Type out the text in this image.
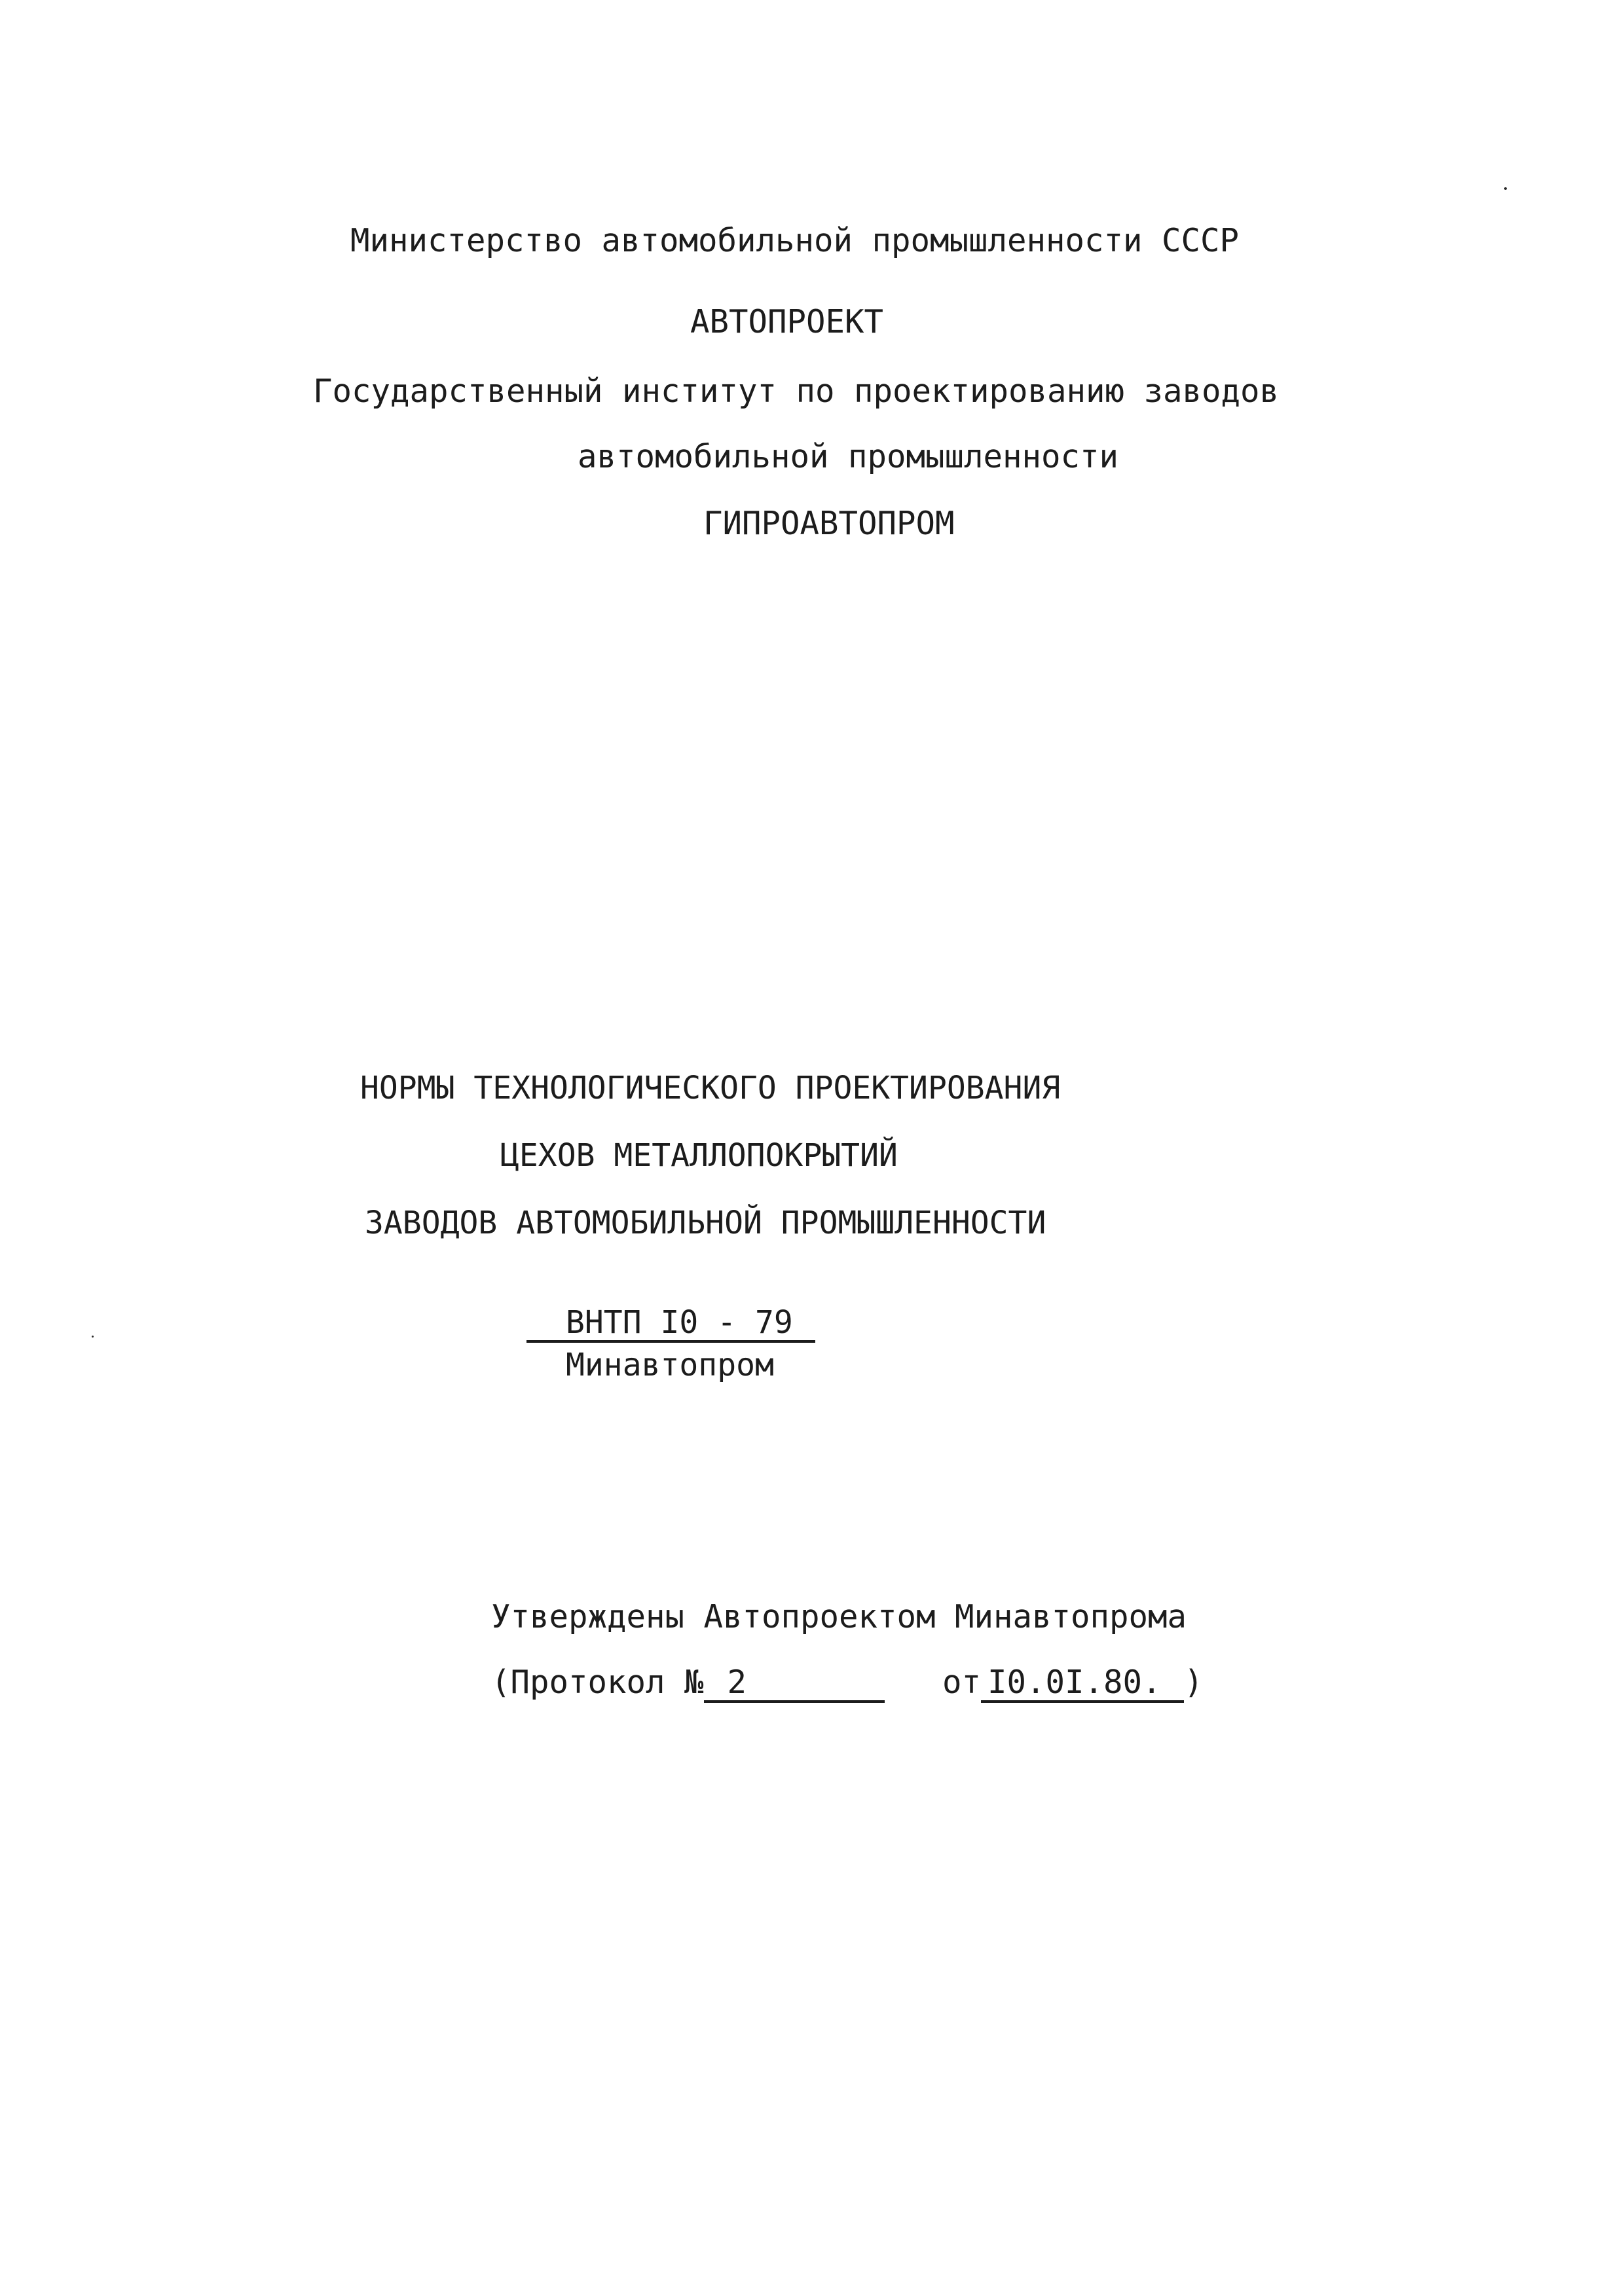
Министерство автомобильной промышленности СССР

АВТОПРОЕКТ

Государственный институт по проектированию заводов

автомобильной промышленности

ГИПРОАВТОПРОМ

НОРМЫ ТЕХНОЛОГИЧЕСКОГО ПРОЕКТИРОВАНИЯ

ЦЕХОВ МЕТАЛЛОПОКРЫТИЙ

ЗАВОДОВ АВТОМОБИЛЬНОЙ ПРОМЫШЛЕННОСТИ

ВНТП I0 - 79

Минавтопром

Утверждены Автопроектом Минавтопрома

(Протокол № 2	от I0.0I.80. )
